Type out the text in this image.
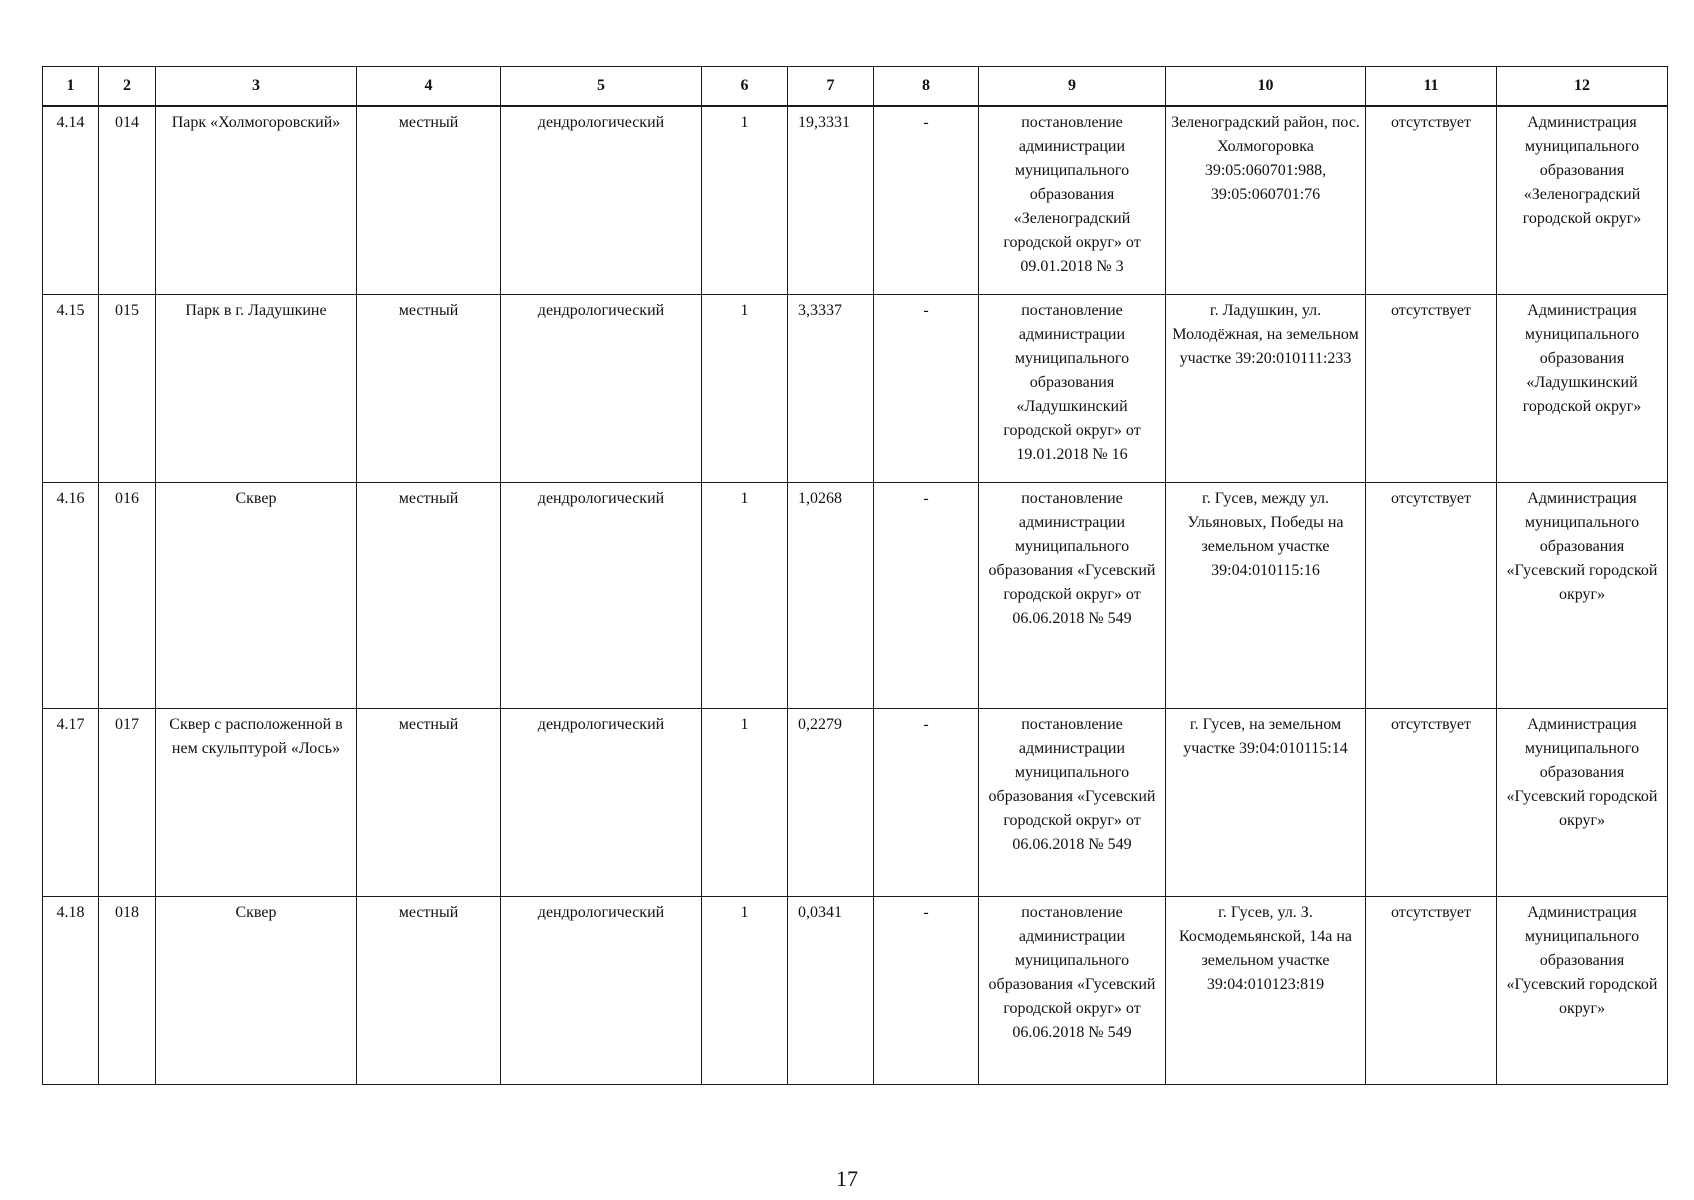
1	2	3	4	5	6	7	8	9	10	11	12
4.14	014	Парк «Холмогоровский»	местный	дендрологический	1	19,3331	-	постановление администрации муниципального образования «Зеленоградский городской округ» от 09.01.2018 № 3	Зеленоградский район, пос. Холмогоровка 39:05:060701:988, 39:05:060701:76	отсутствует	Администрация муниципального образования «Зеленоградский городской округ»
4.15	015	Парк в г. Ладушкине	местный	дендрологический	1	3,3337	-	постановление администрации муниципального образования «Ладушкинский городской округ» от 19.01.2018 № 16	г. Ладушкин, ул. Молодёжная, на земельном участке 39:20:010111:233	отсутствует	Администрация муниципального образования «Ладушкинский городской округ»
4.16	016	Сквер	местный	дендрологический	1	1,0268	-	постановление администрации муниципального образования «Гусевский городской округ» от 06.06.2018 № 549	г. Гусев, между ул. Ульяновых, Победы на земельном участке 39:04:010115:16	отсутствует	Администрация муниципального образования «Гусевский городской округ»
4.17	017	Сквер с расположенной в нем скульптурой «Лось»	местный	дендрологический	1	0,2279	-	постановление администрации муниципального образования «Гусевский городской округ» от 06.06.2018 № 549	г. Гусев, на земельном участке 39:04:010115:14	отсутствует	Администрация муниципального образования «Гусевский городской округ»
4.18	018	Сквер	местный	дендрологический	1	0,0341	-	постановление администрации муниципального образования «Гусевский городской округ» от 06.06.2018 № 549	г. Гусев, ул. З. Космодемьянской, 14а на земельном участке 39:04:010123:819	отсутствует	Администрация муниципального образования «Гусевский городской округ»
17
